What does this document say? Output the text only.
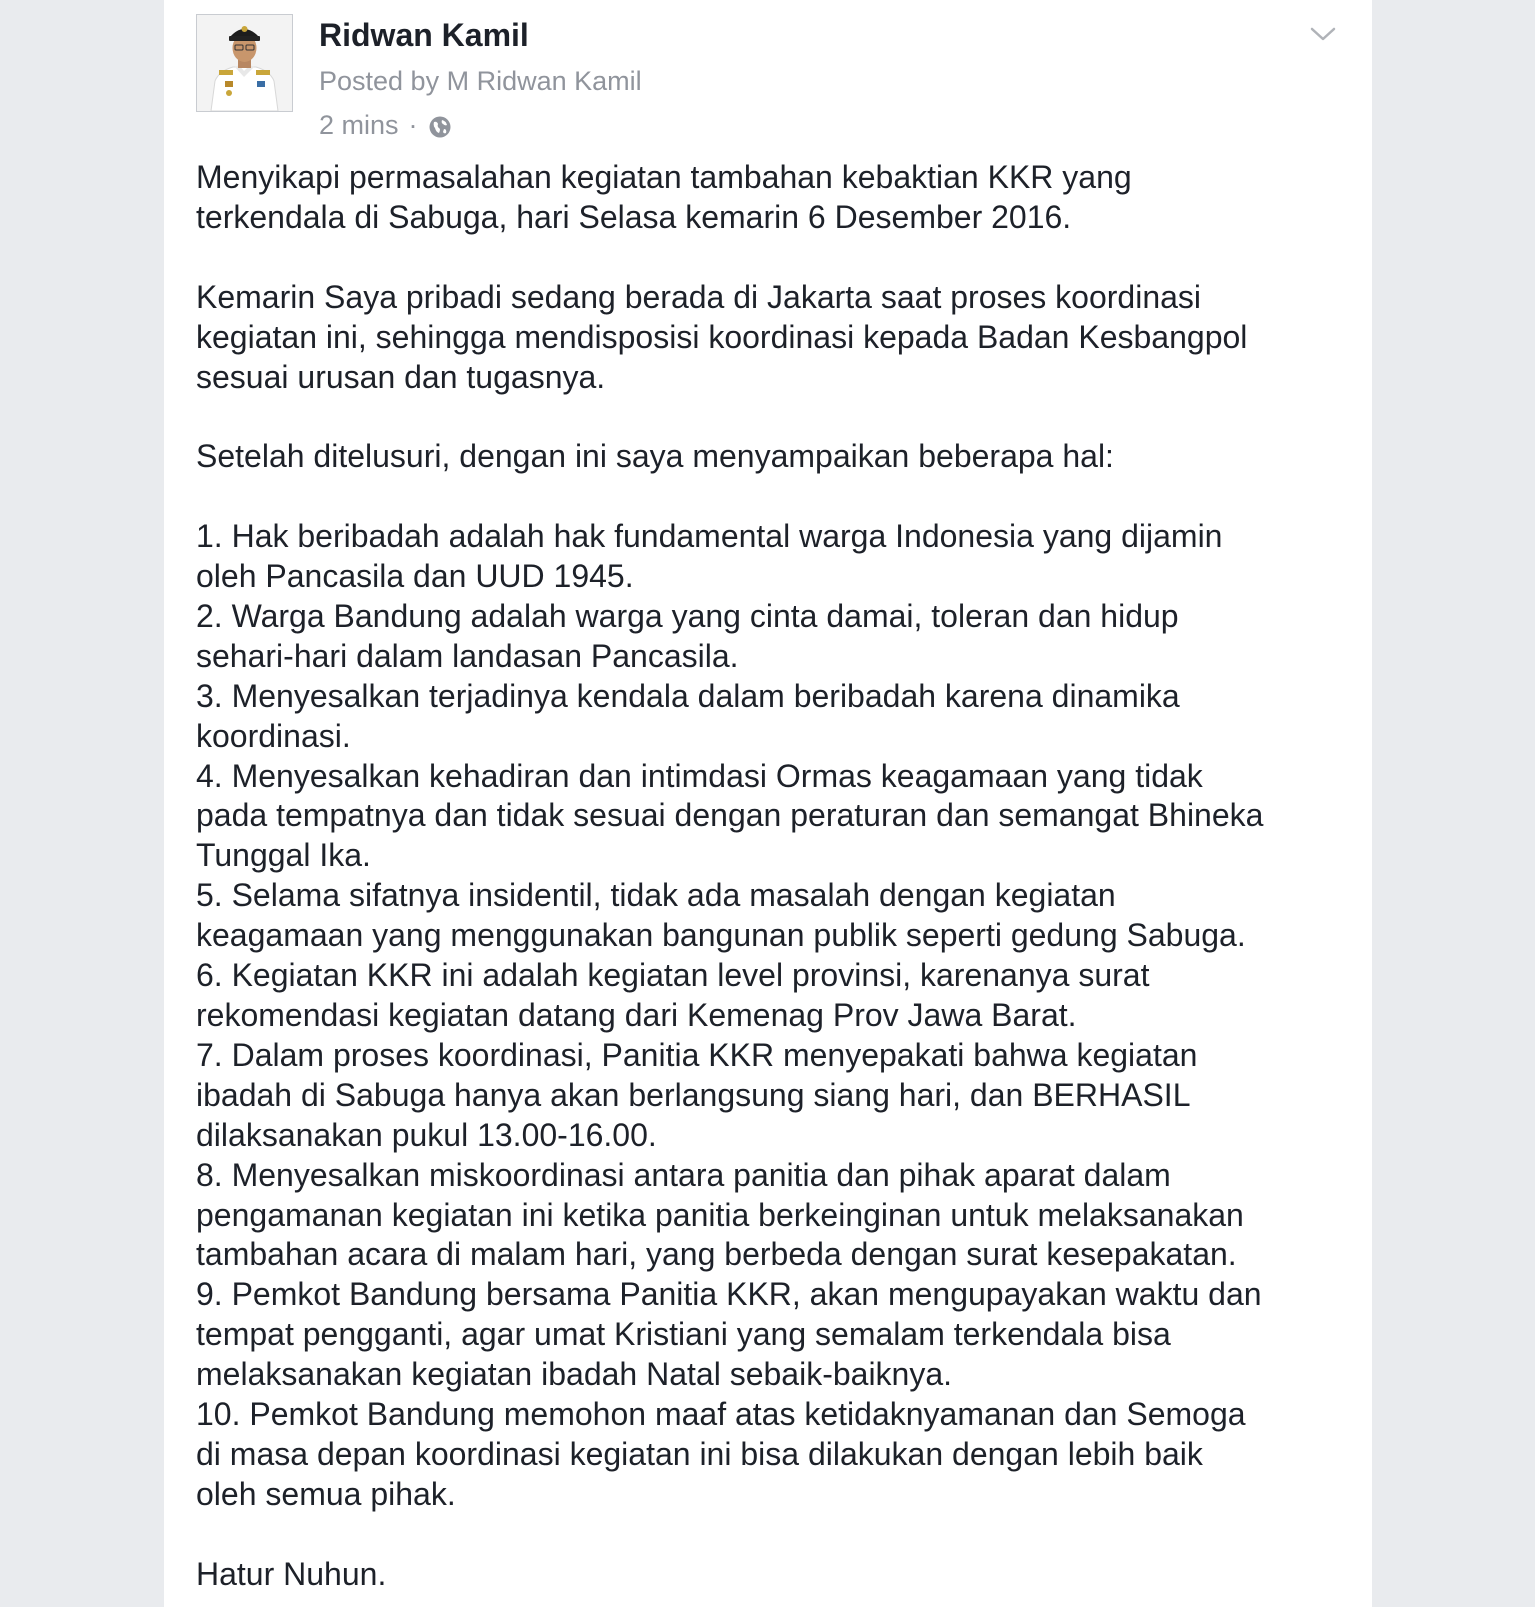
Ridwan Kamil
Posted by M Ridwan Kamil
2 mins ·

Menyikapi permasalahan kegiatan tambahan kebaktian KKR yang

terkendala di Sabuga, hari Selasa kemarin 6 Desember 2016.

Kemarin Saya pribadi sedang berada di Jakarta saat proses koordinasi

kegiatan ini, sehingga mendisposisi koordinasi kepada Badan Kesbangpol

sesuai urusan dan tugasnya.

Setelah ditelusuri, dengan ini saya menyampaikan beberapa hal:

1. Hak beribadah adalah hak fundamental warga Indonesia yang dijamin

oleh Pancasila dan UUD 1945.

2. Warga Bandung adalah warga yang cinta damai, toleran dan hidup

sehari-hari dalam landasan Pancasila.

3. Menyesalkan terjadinya kendala dalam beribadah karena dinamika

koordinasi.

4. Menyesalkan kehadiran dan intimdasi Ormas keagamaan yang tidak

pada tempatnya dan tidak sesuai dengan peraturan dan semangat Bhineka

Tunggal Ika.

5. Selama sifatnya insidentil, tidak ada masalah dengan kegiatan

keagamaan yang menggunakan bangunan publik seperti gedung Sabuga.

6. Kegiatan KKR ini adalah kegiatan level provinsi, karenanya surat

rekomendasi kegiatan datang dari Kemenag Prov Jawa Barat.

7. Dalam proses koordinasi, Panitia KKR menyepakati bahwa kegiatan

ibadah di Sabuga hanya akan berlangsung siang hari, dan BERHASIL

dilaksanakan pukul 13.00-16.00.

8. Menyesalkan miskoordinasi antara panitia dan pihak aparat dalam

pengamanan kegiatan ini ketika panitia berkeinginan untuk melaksanakan

tambahan acara di malam hari, yang berbeda dengan surat kesepakatan.

9. Pemkot Bandung bersama Panitia KKR, akan mengupayakan waktu dan

tempat pengganti, agar umat Kristiani yang semalam terkendala bisa

melaksanakan kegiatan ibadah Natal sebaik-baiknya.

10. Pemkot Bandung memohon maaf atas ketidaknyamanan dan Semoga

di masa depan koordinasi kegiatan ini bisa dilakukan dengan lebih baik

oleh semua pihak.

Hatur Nuhun.
